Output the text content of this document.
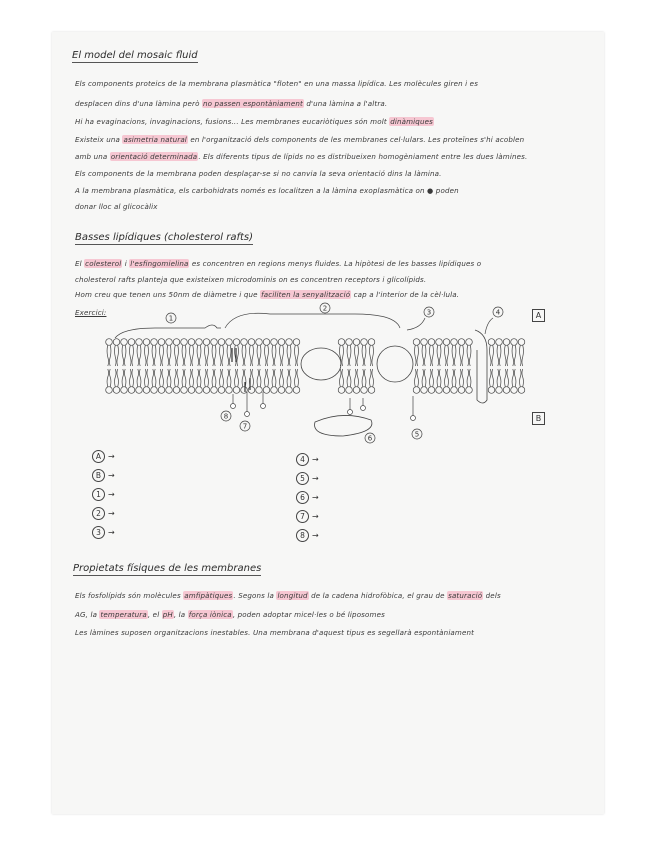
El model del mosaic fluid
Els components proteics de la membrana plasmàtica "floten" en una massa lipídica. Les molècules giren i es
desplacen dins d'una làmina però no passen espontàniament d'una làmina a l'altra.
Hi ha evaginacions, invaginacions, fusions... Les membranes eucariòtiques són molt dinàmiques
Existeix una asimetria natural en l'organització dels components de les membranes cel·lulars. Les proteïnes s'hi acoblen
amb una orientació determinada. Els diferents tipus de lípids no es distribueixen homogèniament entre les dues làmines.
Els components de la membrana poden desplaçar-se si no canvia la seva orientació dins la làmina.
A la membrana plasmàtica, els carbohidrats només es localitzen a la làmina exoplasmàtica on ● poden
donar lloc al glicocàlix
Basses lipídiques (cholesterol rafts)
El colesterol i l'esfingomielina es concentren en regions menys fluides. La hipòtesi de les basses lipídiques o
cholesterol rafts planteja que existeixen microdominis on es concentren receptors i glicolípids.
Hom creu que tenen uns 50nm de diàmetre i que faciliten la senyalització cap a l'interior de la cèl·lula.
Exercici:
1
2	3	4
5
6
7
8
A
B
A →
B →
1 →
2 →
3 →
4 →
5 →
6 →
7 →
8 →
Propietats físiques de les membranes
Els fosfolípids són molècules amfipàtiques. Segons la longitud de la cadena hidrofòbica, el grau de saturació dels
AG, la temperatura, el pH, la força iònica, poden adoptar micel·les o bé liposomes
Les làmines suposen organitzacions inestables. Una membrana d'aquest tipus es segellarà espontàniament
